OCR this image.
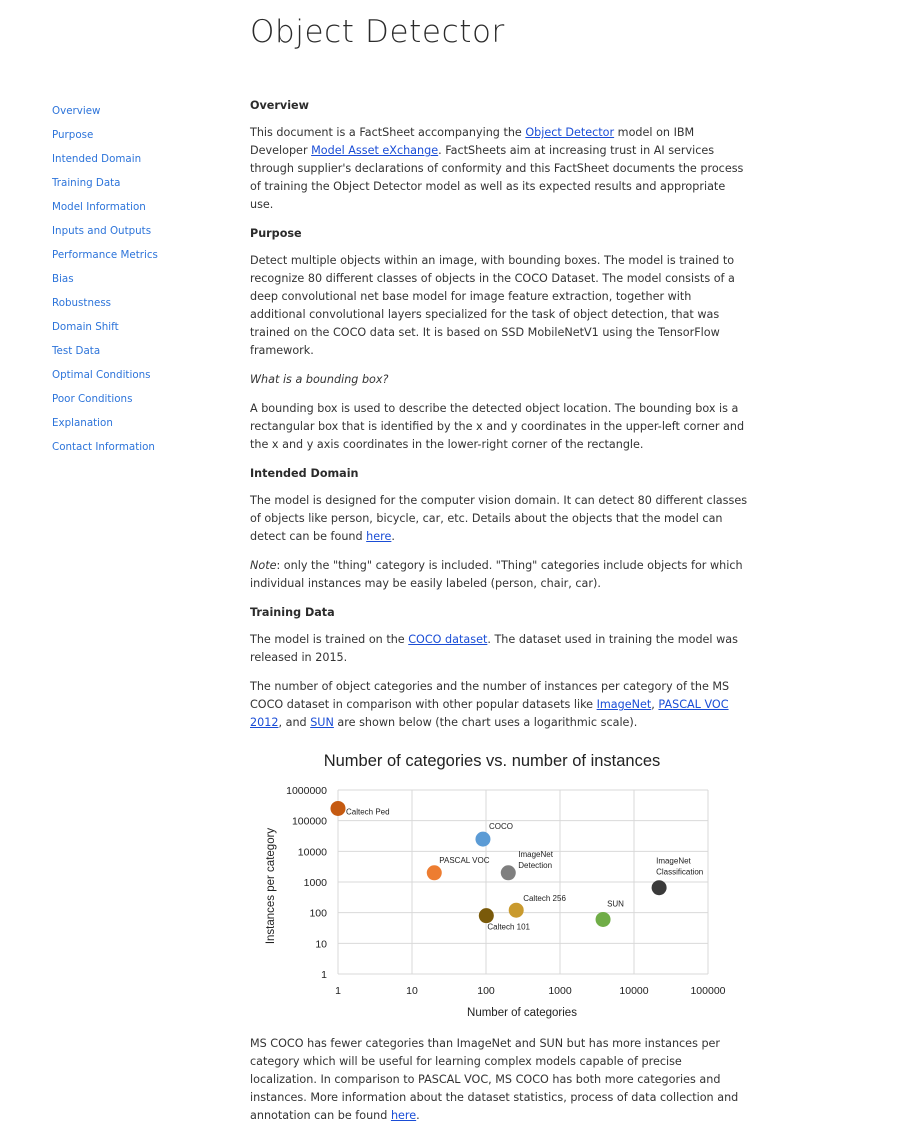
Object Detector
Overview
Purpose
Intended Domain
Training Data
Model Information
Inputs and Outputs
Performance Metrics
Bias
Robustness
Domain Shift
Test Data
Optimal Conditions
Poor Conditions
Explanation
Contact Information
Overview

This document is a FactSheet accompanying the Object Detector model on IBM Developer Model Asset eXchange. FactSheets aim at increasing trust in AI services through supplier's declarations of conformity and this FactSheet documents the process of training the Object Detector model as well as its expected results and appropriate use.

Purpose

Detect multiple objects within an image, with bounding boxes. The model is trained to recognize 80 different classes of objects in the COCO Dataset. The model consists of a deep convolutional net base model for image feature extraction, together with additional convolutional layers specialized for the task of object detection, that was trained on the COCO data set. It is based on SSD MobileNetV1 using the TensorFlow framework.

What is a bounding box?

A bounding box is used to describe the detected object location. The bounding box is a rectangular box that is identified by the x and y coordinates in the upper-left corner and the x and y axis coordinates in the lower-right corner of the rectangle.

Intended Domain

The model is designed for the computer vision domain. It can detect 80 different classes of objects like person, bicycle, car, etc. Details about the objects that the model can detect can be found here.

Note: only the "thing" category is included. "Thing" categories include objects for which individual instances may be easily labeled (person, chair, car).

Training Data

The model is trained on the COCO dataset. The dataset used in training the model was released in 2015.

The number of object categories and the number of instances per category of the MS COCO dataset in comparison with other popular datasets like ImageNet, PASCAL VOC 2012, and SUN are shown below (the chart uses a logarithmic scale).

Number of categories vs. number of instances
1
10
100
1000
10000
100000
1000000
1	10	100	1000	10000	100000
Caltech Ped
COCO
PASCAL VOC
ImageNet Detection	ImageNet Classification
Caltech 256
Caltech 101
SUN
Number of categories
Instances per category

MS COCO has fewer categories than ImageNet and SUN but has more instances per category which will be useful for learning complex models capable of precise localization. In comparison to PASCAL VOC, MS COCO has both more categories and instances. More information about the dataset statistics, process of data collection and annotation can be found here.
